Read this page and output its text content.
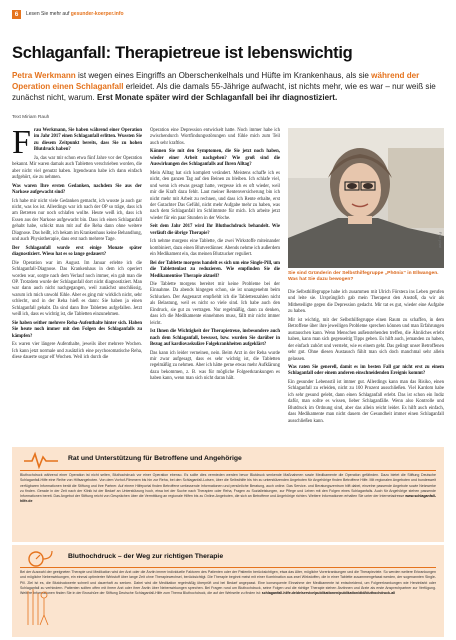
6	Lesen Sie mehr auf gesunder-koerper.info
Schlaganfall: Therapietreue ist lebenswichtig

Petra Werkmann ist wegen eines Eingriffs an Oberschenkelhals und Hüfte im Krankenhaus, als sie während der Operation einen Schlaganfall erleidet. Als die damals 55-Jährige aufwacht, ist nichts mehr, wie es war – nur weiß sie zunächst nicht, warum. Erst Monate später wird der Schlaganfall bei ihr diagnostiziert.

Text Miriam Rauh
F rau Werkmann, Sie haben während einer Operation im Jahr 2017 einen Schlaganfall erlitten. Wussten Sie zu diesem Zeitpunkt bereits, dass Sie zu hohen Blutdruck haben?

Ja, das war mir schon etwa fünf Jahre vor der Operation bekannt. Mir waren damals auch Tabletten verschrieben worden, die aber nicht viel genutzt haben. Irgendwann habe ich dann einfach aufgehört, sie zu nehmen.

Was waren Ihre ersten Gedanken, nachdem Sie aus der Narkose aufgewacht sind?

Ich habe mir nicht viele Gedanken gemacht, ich wusste ja auch gar nicht, was los ist. Allerdings war ich nach der OP so träge, dass ich am Betreten nur noch schlafen wollte. Heute weiß ich, dass ich Essen aus der Narkose aufgewacht bin. Dass ich einen Schlaganfall gehabt habe, schickt man mit auf die Reha dann ohne weitere Diagnose. Das heißt, ich bekam im Krankenhaus keine Behandlung, und auch Physiotherapie, dass erst nach mehrere Tage.

Der Schlaganfall wurde erst einige Monate später diagnostiziert. Wieso hat es so lange gedauert?

Die Operation war im August. Im Januar erlebte ich die Schlaganfall-Diagnose. Das Krankenhaus in dem ich operiert worden war, sorgte nach dem Verlauf noch immer, ein gab man die OP. Trotzdem wurde der Schlaganfall dort nicht diagnostiziert. Man war dann auch nicht nachgegangen, weil zunächst unschlüssig, warum ich mich unwohl fühle. Aber es ging mir wirklich nicht, sehr schlecht, und in der Reha hieß es dann: Sie haben ja einen Schlaganfall gehabt. Da sind dann Ihre Tabletten aufgefallen. Jetzt weiß ich, dass es wichtig ist, die Tabletten einzunehmen.

Sie haben seither mehrere Reha-Aufenthalte hinter sich. Haben Sie heute noch immer mit den Folgen des Schlaganfalls zu kämpfen?

Es waren vier längere Aufenthalte, jeweils über mehrere Wochen. Ich kann jetzt normale und zusätzlich eine psychosomatische Reha, diese dauerte sogar elf Wochen. Weil ich durch die

Operation eine Depression entwickelt hatte. Noch immer habe ich zwischendurch Wortfindungsstörungen und fühle mich zum Teil auch sehr kraftlos.

Können Sie mit den Symptomen, die Sie jetzt noch haben, wieder einer Arbeit nachgehen? Wie groß sind die Auswirkungen des Schlaganfalls auf Ihren Alltag?

Mein Alltag hat sich komplett verändert. Meistens schaffe ich es nicht, den ganzen Tag auf den Beinen zu bleiben. Ich schlafe viel, und wenn ich etwas gesagt hatte, vergesse ich es oft wieder, weil mir die Kraft dazu fehlt. Laut meiner Rentenversicherung bin ich nicht mehr mit Arbeit zu rechnen, und dass ich Rente erhalte, erst der Gutachter Das Gefühl, nicht mehr Aufgabe mehr zu haben, was nach dem Schlaganfall im Schlimmste für mich. Ich arbeite jetzt wieder für ein paar Stunden in der Woche.

Seit dem Jahr 2017 wird Ihr Bluthochdruck behandelt. Wie verläuft die übrige Therapie?

Ich nehme morgens eine Tablette, die zwei Wirkstoffe miteinander kombiniert, dazu einen Blutverdünner. Abends nehme ich außerdem ein Medikament ein, das meinen Blutzucker reguliert.

Bei der Tablette morgens handelt es sich um eine Single-Pill, um die Tablettenlast zu reduzieren. Wie empfinden Sie die Medikamentöse Therapie aktuell?

Die Tablette morgens bereitet mir keine Probleme bei der Einnahme. Da abends hingegen schon, sie ist unangenehm beim Schlucken. Der Augenarzt empfiehlt ich die Tablettenzahlen nicht als Belastung, weil es nicht so viele sind. Ich habe auch den Eindruck, sie gut zu vertragen. Nur regelmäßig, dann zu denken, dass ich die Medikamente einnehmen muss, fällt mir nicht immer leicht.

Ist Ihnen die Wichtigkeit der Therapietreue, insbesondere auch nach dem Schlaganfall, bewusst, bzw. wurden Sie darüber in Bezug auf kardiovaskuläre Folgekrankheiten aufgeklärt?

Das kann ich leider verneinen, nein. Beim Arzt in der Reha wurde mir zwar aufgesagt, dass es sehr wichtig ist, die Tabletten regelmäßig zu nehmen. Aber ich hätte gerne etwas mehr Aufklärung dazu bekommen, z. B. was für mögliche Folgeerkrankungen es haben kann, wenn man sich nicht daran hält.

Foto: privat
Sie sind Gründerin der Selbsthilfegruppe „Phönix“ in Ellwangen. Was hat Sie dazu bewogen?

Die Selbsthilfegruppe habe ich zusammen mit Ulrich Förstera ins Leben gerufen und leite sie. Ursprünglich gab mein Therapeut den Anstoß, da wir als Mitbeteiligte gegen die Depression gedacht. Mir tat es gut, wieder eine Aufgabe zu haben.

Mir ist wichtig, mit der Selbsthilfegruppe einen Raum zu schaffen, in dem Betroffene über ihre jeweiligen Probleme sprechen können und man Erfahrungen austauschen kann. Wenn Menschen außenstehenden treffen, die Ähnliches erlebt haben, kann man sich gegenseitig Tipps geben. Es hilft auch, jemanden zu haben, der einfach zuhört und versteht, wie es einem geht. Das gelingt unser Betroffenen sehr gut. Ohne diesen Austausch fühlt man sich doch manchmal sehr allein gelassen.

Was raten Sie generell, damit es im besten Fall gar nicht erst zu einem Schlaganfall oder einem anderen einschneidenden Ereignis kommt?

Ein gesunder Lebensstil ist immer gut. Allerdings kann man das Risiko, einen Schlaganfall zu erleiden, nicht zu 100 Prozent ausschließen. Viel Kardom habe ich sehr gesund gelebt, dann einen Schlaganfall erlebt. Das ist schon ein Indiz dafür, man sollte es wissen, lieber Schlaganfälle. Wenn also Kontrolle und Blutdruck im Ordnung sind, aber das allein reicht leider. Es hilft auch einfach, dass Medikamente man nicht dauern der Gesundheit immer einen Schlaganfall ausschließen kann.

Rat und Unterstützung für Betroffene und Angehörige
Bluthochdruck während einer Operation ist nicht selten, Bluthochdruck vor einer Operation ebenso. Es sollte dies vermieden werden bevor Blutdruck senkende Maßnahmen sowie Medikamente die Operation gefährden. Dazu bietet die Stiftung Deutsche Schlaganfall-Hilfe eine Reihe von Hilfsangeboten. Von dem Vorhof-Flimmern bis hin zur Reha, bei den Schlaganfall-Lotsen, über die Selbsthilfe bis hin zu unterstützenden Angeboten für Angehörige finden Betroffene Hilfe. Mit regionalen Angeboten und bundesweit verfügbaren Informationen berät die Stiftung und ihre Partner. Auf einem Hilfeportal finden Betroffene umfassende Informationen und persönliche Beratung, auch online. Das Service- und Beratungszentrum hilft dabei, einzelne passende Angebote sowie Netzwerke zu finden. Gerade in der Zeit nach der Klinik ist der Bedarf an Unterstützung hoch, etwa bei der Suche nach Therapien oder Reha, Fragen zu Sozialleistungen, zur Pflege und Leben mit den Folgen eines Schlaganfalls. Auch für Angehörige stehen passende Informationen bereit. Das Angebot der Stiftung reicht von Gesprächen über die Vermittlung an regionale Hilfen bis zu Online-Angeboten, die sich an Betroffene und Angehörige richten. Weitere Informationen erhalten Sie unter der Internetadresse www.schlaganfall-hilfe.de
Bluthochdruck – der Weg zur richtigen Therapie
Bei der Auswahl der geeigneten Therapie und Medikation wird der Arzt oder die Ärztin immer individuelle Faktoren des Patienten oder der Patientin berücksichtigen, etwa das Alter, mögliche Vorerkrankungen und die Therapieziele. So werden weitere Erkrankungen und mögliche Nebenwirkungen, ein einmal optimierter Wirkstoff über lange Zeit ohne Therapiewechsel, berücksichtigt. Die Therapie beginnt meist mit einer Kombination aus zwei Wirkstoffen, die in einer Tablette zusammengefasst werden, der sogenannten Single-Pill. Ziel ist es, die Blutdruckwerte schnell und dauerhaft zu senken. Dabei wird die Medikation regelmäßig überprüft und bei Bedarf angepasst. Eine konsequente Einnahme der Medikamente ist entscheidend, um Folgeerkrankungen wie Herzinfarkt oder Schlaganfall zu verhindern. Patienten sollten offen mit ihrem Arzt oder ihrer Ärztin über Nebenwirkungen sprechen. Bei Fragen rund um Bluthochdruck, seine Folgen und die richtige Therapie stehen Ärztinnen und Ärzte als erste Ansprechpartner zur Verfügung. Weitere Informationen finden Sie in der Broschüre der Stiftung Deutsche Schlaganfall-Hilfe zum Thema Bluthochdruck, die auf der Webseite zu finden ist: schlaganfall-hilfe.de/de/service/publikationen/publikation/did/bluthochdruck-all
